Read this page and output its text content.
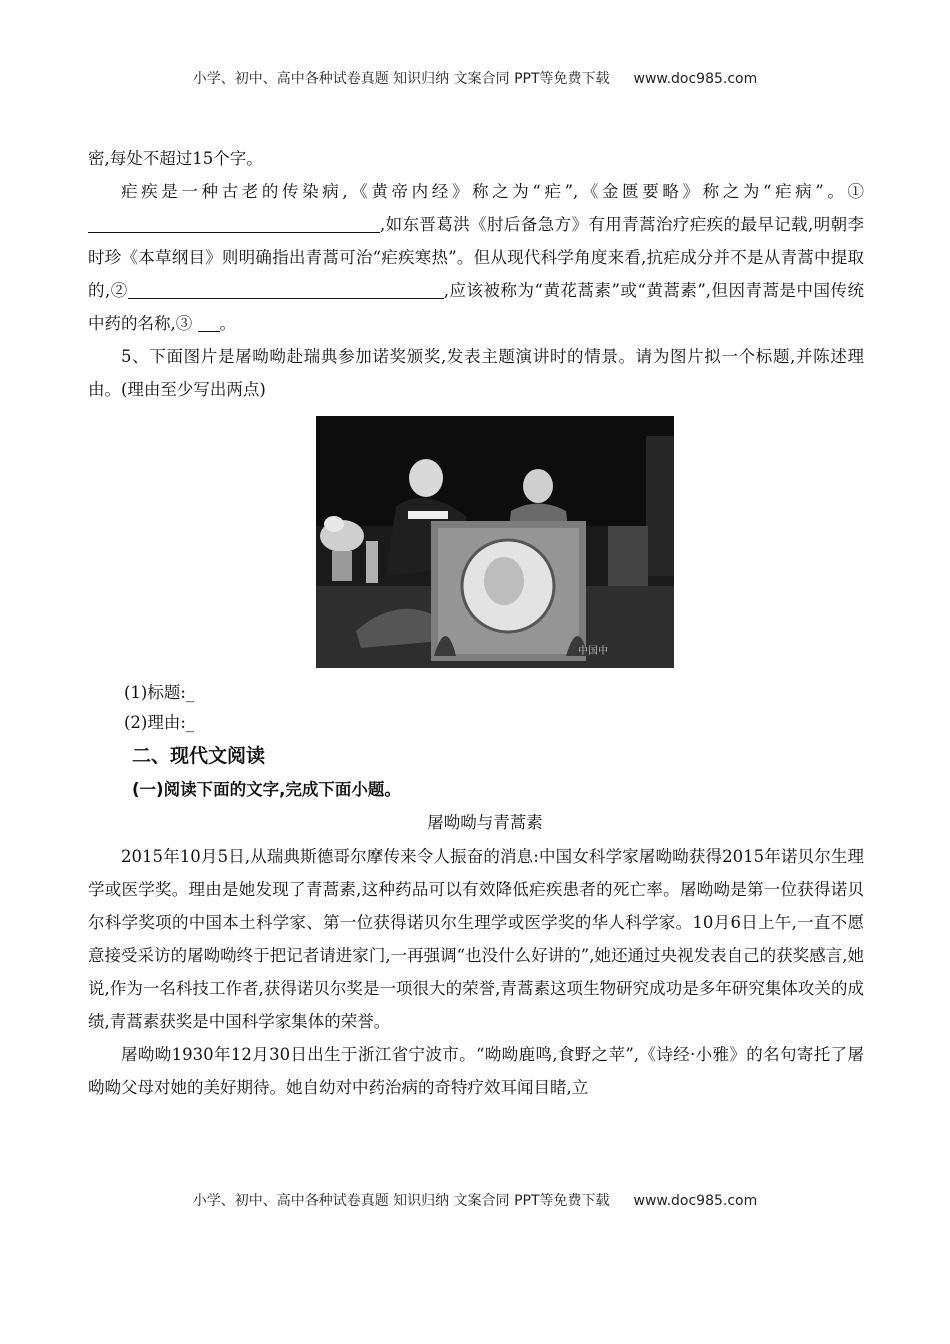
小学、初中、高中各种试卷真题 知识归纳 文案合同 PPT等免费下载 www.doc985.com

密,每处不超过15个字。

疟疾是一种古老的传染病,《黄帝内经》称之为“疟”,《金匮要略》称之为“疟病”。①,如东晋葛洪《肘后备急方》有用青蒿治疗疟疾的最早记载,明朝李时珍《本草纲目》则明确指出青蒿可治“疟疾寒热”。但从现代科学角度来看,抗疟成分并不是从青蒿中提取的,②	,应该被称为“黄花蒿素”或“黄蒿素”,但因青蒿是中国传统中药的名称,③ 。

5、下面图片是屠呦呦赴瑞典参加诺奖颁奖,发表主题演讲时的情景。请为图片拟一个标题,并陈述理由。(理由至少写出两点)

中国中
(1)标题:_
(2)理由:_
二、现代文阅读
(一)阅读下面的文字,完成下面小题。
屠呦呦与青蒿素

2015年10月5日,从瑞典斯德哥尔摩传来令人振奋的消息:中国女科学家屠呦呦获得2015年诺贝尔生理学或医学奖。理由是她发现了青蒿素,这种药品可以有效降低疟疾患者的死亡率。屠呦呦是第一位获得诺贝尔科学奖项的中国本土科学家、第一位获得诺贝尔生理学或医学奖的华人科学家。10月6日上午,一直不愿意接受采访的屠呦呦终于把记者请进家门,一再强调“也没什么好讲的”,她还通过央视发表自己的获奖感言,她说,作为一名科技工作者,获得诺贝尔奖是一项很大的荣誉,青蒿素这项生物研究成功是多年研究集体攻关的成绩,青蒿素获奖是中国科学家集体的荣誉。

屠呦呦1930年12月30日出生于浙江省宁波市。“呦呦鹿鸣,食野之苹”,《诗经·小雅》的名句寄托了屠呦呦父母对她的美好期待。她自幼对中药治病的奇特疗效耳闻目睹,立

小学、初中、高中各种试卷真题 知识归纳 文案合同 PPT等免费下载 www.doc985.com
